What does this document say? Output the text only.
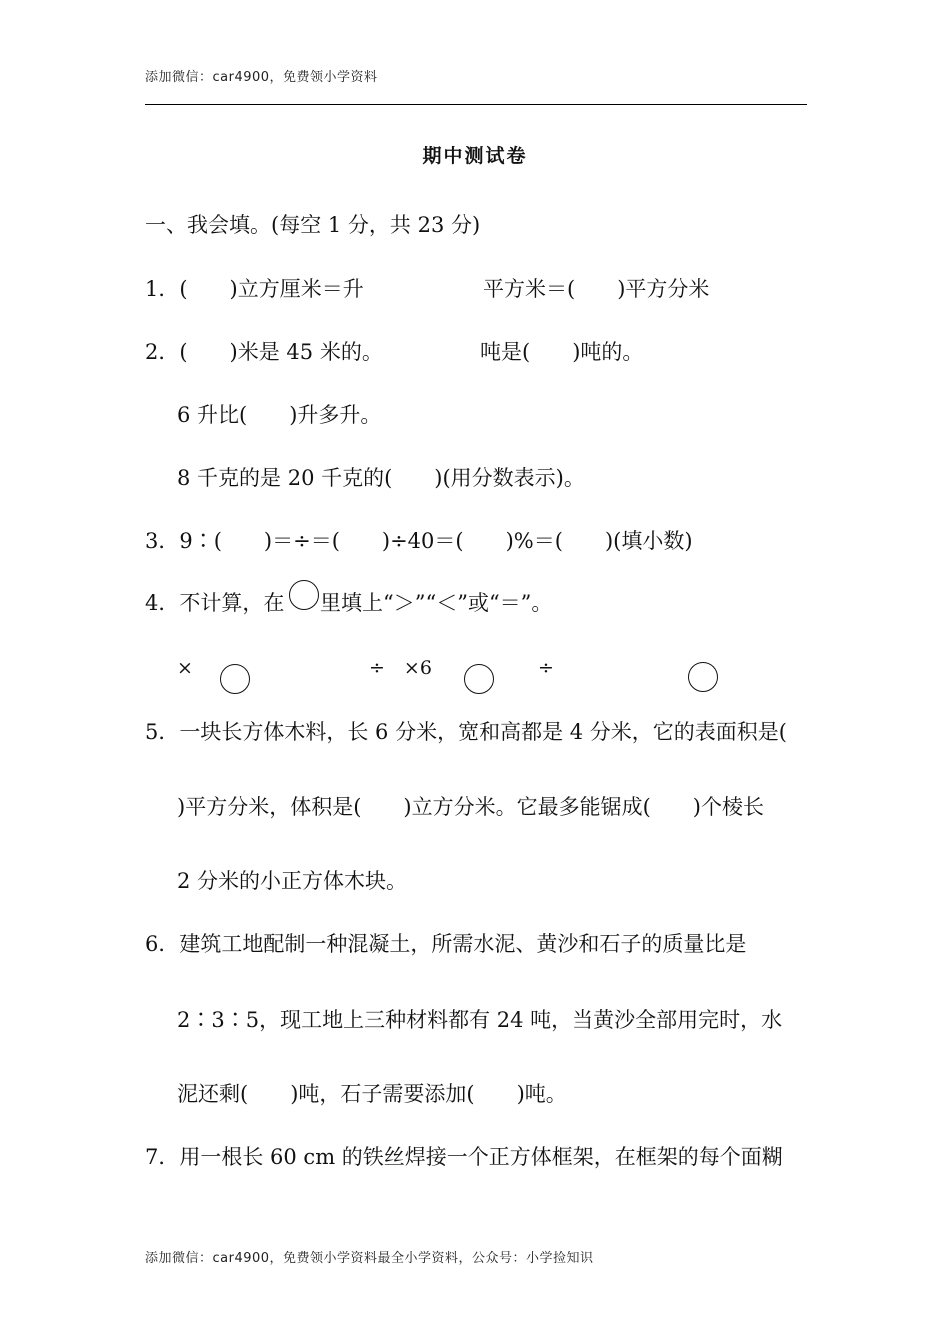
添加微信：car4900，免费领小学资料
期中测试卷
一、我会填。(每空 1 分，共 23 分)
1．(　　)立方厘米＝升	平方米＝(　　)平方分米
2．(　　)米是 45 米的。	吨是(　　)吨的。
6 升比(　　)升多升。
8 千克的是 20 千克的(　　)(用分数表示)。
3．9∶(　　)＝÷＝(　　)÷40＝(　　)%＝(　　)(填小数)
4．不计算，在 里填上“＞”“＜”或“＝”。
×	÷　×6	÷
5．一块长方体木料，长 6 分米，宽和高都是 4 分米，它的表面积是(
)平方分米，体积是(　　)立方分米。它最多能锯成(　　)个棱长
2 分米的小正方体木块。
6．建筑工地配制一种混凝土，所需水泥、黄沙和石子的质量比是
2∶3∶5，现工地上三种材料都有 24 吨，当黄沙全部用完时，水
泥还剩(　　)吨，石子需要添加(　　)吨。
7．用一根长 60 cm 的铁丝焊接一个正方体框架，在框架的每个面糊
添加微信：car4900，免费领小学资料最全小学资料，公众号：小学捡知识
